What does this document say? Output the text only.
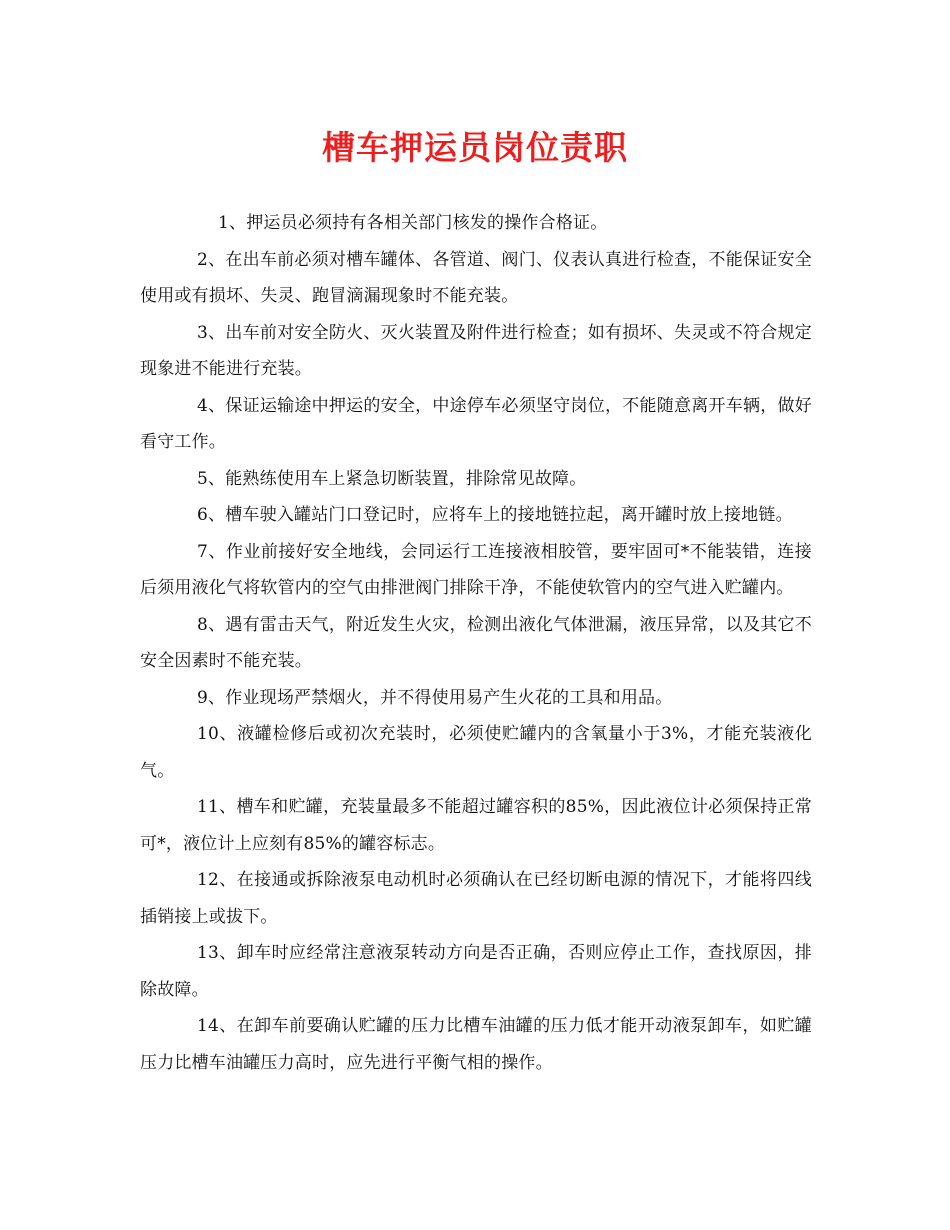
槽车押运员岗位责职

1、押运员必须持有各相关部门核发的操作合格证。

2、在出车前必须对槽车罐体、各管道、阀门、仪表认真进行检查，不能保证安全使用或有损坏、失灵、跑冒滴漏现象时不能充装。

3、出车前对安全防火、灭火装置及附件进行检查；如有损坏、失灵或不符合规定现象进不能进行充装。

4、保证运输途中押运的安全，中途停车必须坚守岗位，不能随意离开车辆，做好看守工作。

5、能熟练使用车上紧急切断装置，排除常见故障。

6、槽车驶入罐站门口登记时，应将车上的接地链拉起，离开罐时放上接地链。

7、作业前接好安全地线，会同运行工连接液相胶管，要牢固可*不能装错，连接后须用液化气将软管内的空气由排泄阀门排除干净，不能使软管内的空气进入贮罐内。

8、遇有雷击天气，附近发生火灾，检测出液化气体泄漏，液压异常，以及其它不安全因素时不能充装。

9、作业现场严禁烟火，并不得使用易产生火花的工具和用品。

10、液罐检修后或初次充装时，必须使贮罐内的含氧量小于3%，才能充装液化气。

11、槽车和贮罐，充装量最多不能超过罐容积的85%，因此液位计必须保持正常可*，液位计上应刻有85%的罐容标志。

12、在接通或拆除液泵电动机时必须确认在已经切断电源的情况下，才能将四线插销接上或拔下。

13、卸车时应经常注意液泵转动方向是否正确，否则应停止工作，查找原因，排除故障。

14、在卸车前要确认贮罐的压力比槽车油罐的压力低才能开动液泵卸车，如贮罐压力比槽车油罐压力高时，应先进行平衡气相的操作。
